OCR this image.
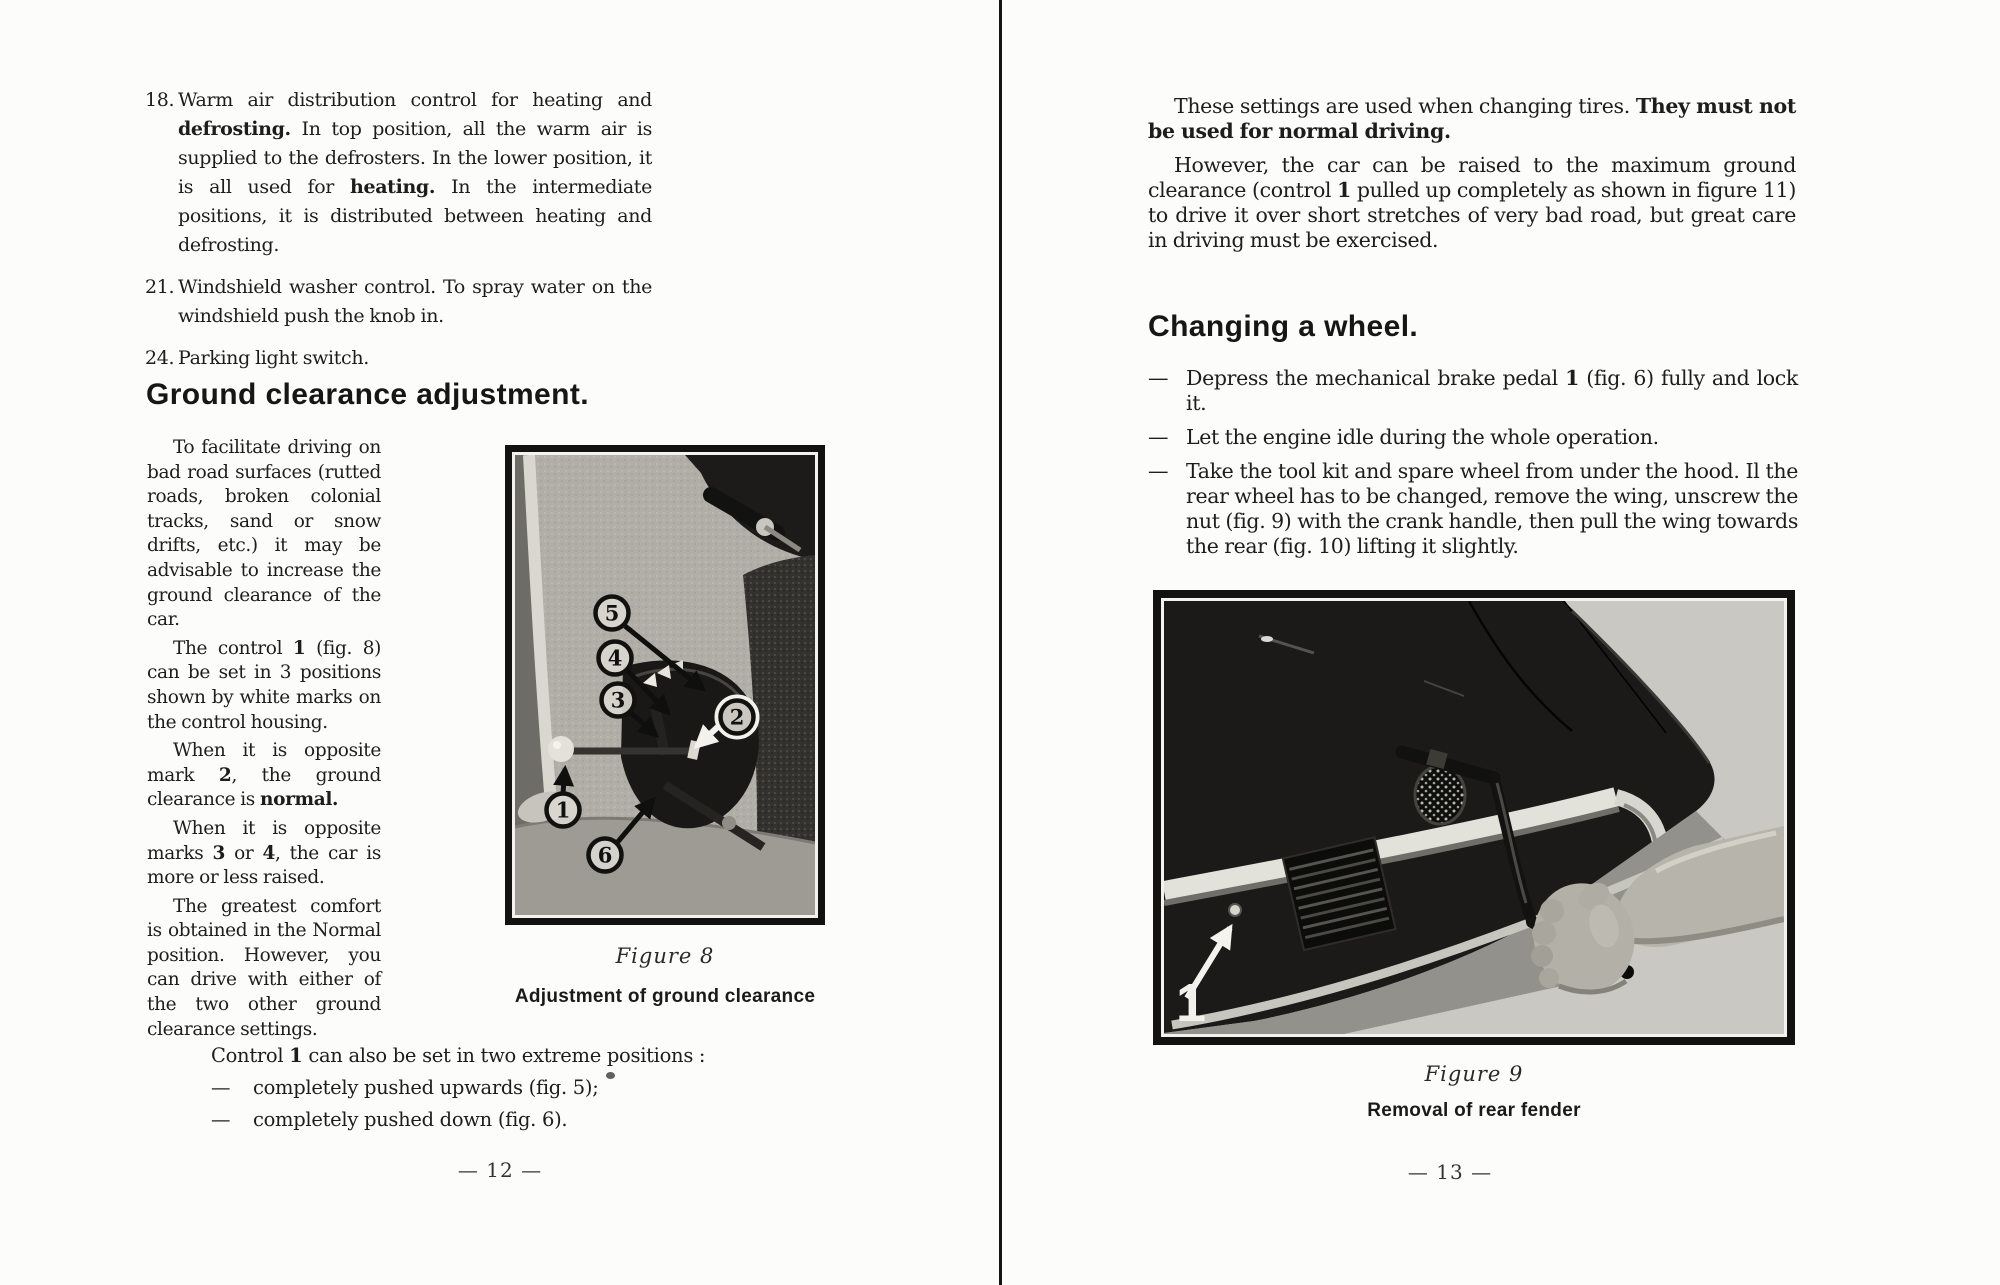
18. Warm air distribution control for heating and defrosting. In top position, all the warm air is supplied to the defrosters. In the lower position, it is all used for heating. In the intermediate positions, it is distributed between heating and defrosting.
21. Windshield washer control. To spray water on the windshield push the knob in.
24. Parking light switch.
Ground clearance adjustment.

To facilitate driving on bad road surfaces (rutted roads, broken colonial tracks, sand or snow drifts, etc.) it may be advisable to increase the ground clearance of the car.

The control 1 (fig. 8) can be set in 3 positions shown by white marks on the control housing.

When it is opposite mark 2, the ground clearance is normal.

When it is opposite marks 3 or 4, the car is more or less raised.

The greatest comfort is obtained in the Normal position. However, you can drive with either of the two other ground clearance settings.

5
4
3
2
1
6
Figure 8
Adjustment of ground clearance
Control 1 can also be set in two extreme positions :
—	completely pushed upwards (fig. 5);
—	completely pushed down (fig. 6).
— 12 —

These settings are used when changing tires. They must not be used for normal driving.

However, the car can be raised to the maximum ground clearance (control 1 pulled up completely as shown in figure 11) to drive it over short stretches of very bad road, but great care in driving must be exercised.

Changing a wheel.
— Depress the mechanical brake pedal 1 (fig. 6) fully and lock it.
— Let the engine idle during the whole operation.
— Take the tool kit and spare wheel from under the hood. Il the rear wheel has to be changed, remove the wing, unscrew the nut (fig. 9) with the crank handle, then pull the wing towards the rear (fig. 10) lifting it slightly.
1
Figure 9
Removal of rear fender
— 13 —
